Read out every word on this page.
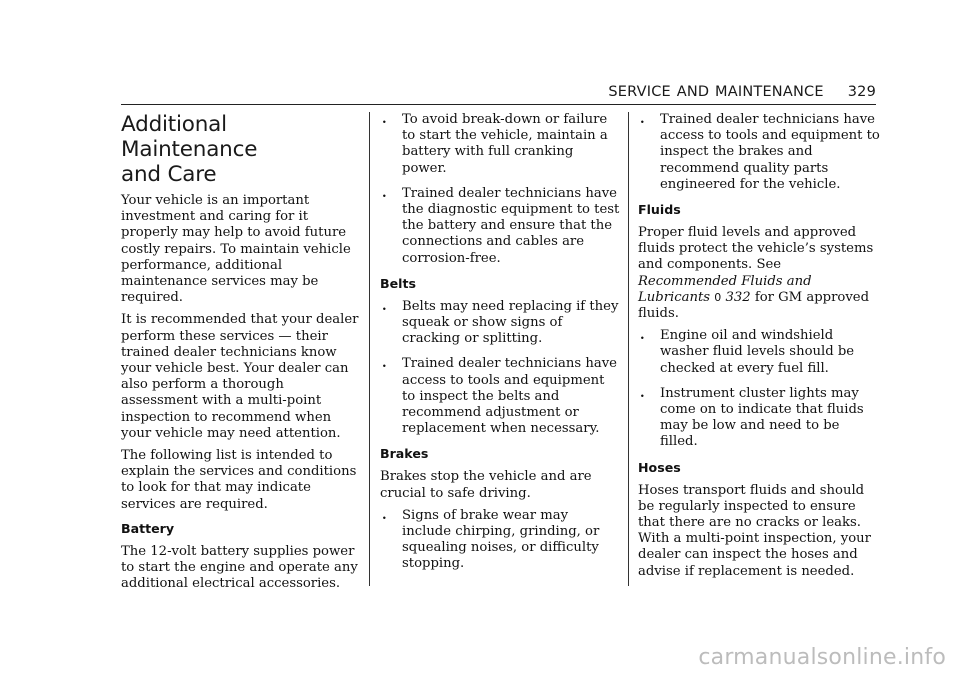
SERVICE AND MAINTENANCE 329
Additional Maintenance
and Care

Your vehicle is an important investment and caring for it properly may help to avoid future costly repairs. To maintain vehicle performance, additional maintenance services may be required.

It is recommended that your dealer perform these services — their trained dealer technicians know your vehicle best. Your dealer can also perform a thorough assessment with a multi-point inspection to recommend when your vehicle may need attention.

The following list is intended to explain the services and conditions to look for that may indicate services are required.

Battery

The 12-volt battery supplies power to start the engine and operate any additional electrical accessories.

. To avoid break-down or failure to start the vehicle, maintain a battery with full cranking power.
. Trained dealer technicians have the diagnostic equipment to test the battery and ensure that the connections and cables are corrosion-free.
Belts
. Belts may need replacing if they squeak or show signs of cracking or splitting.
. Trained dealer technicians have access to tools and equipment to inspect the belts and recommend adjustment or replacement when necessary.
Brakes

Brakes stop the vehicle and are crucial to safe driving.

. Signs of brake wear may include chirping, grinding, or squealing noises, or difficulty stopping.
. Trained dealer technicians have access to tools and equipment to inspect the brakes and recommend quality parts engineered for the vehicle.
Fluids

Proper fluid levels and approved fluids protect the vehicle’s systems and components. See Recommended Fluids and Lubricants 0 332 for GM approved fluids.

. Engine oil and windshield washer fluid levels should be checked at every fuel fill.
. Instrument cluster lights may come on to indicate that fluids may be low and need to be filled.
Hoses

Hoses transport fluids and should be regularly inspected to ensure that there are no cracks or leaks. With a multi-point inspection, your dealer can inspect the hoses and advise if replacement is needed.

carmanualsonline.info
